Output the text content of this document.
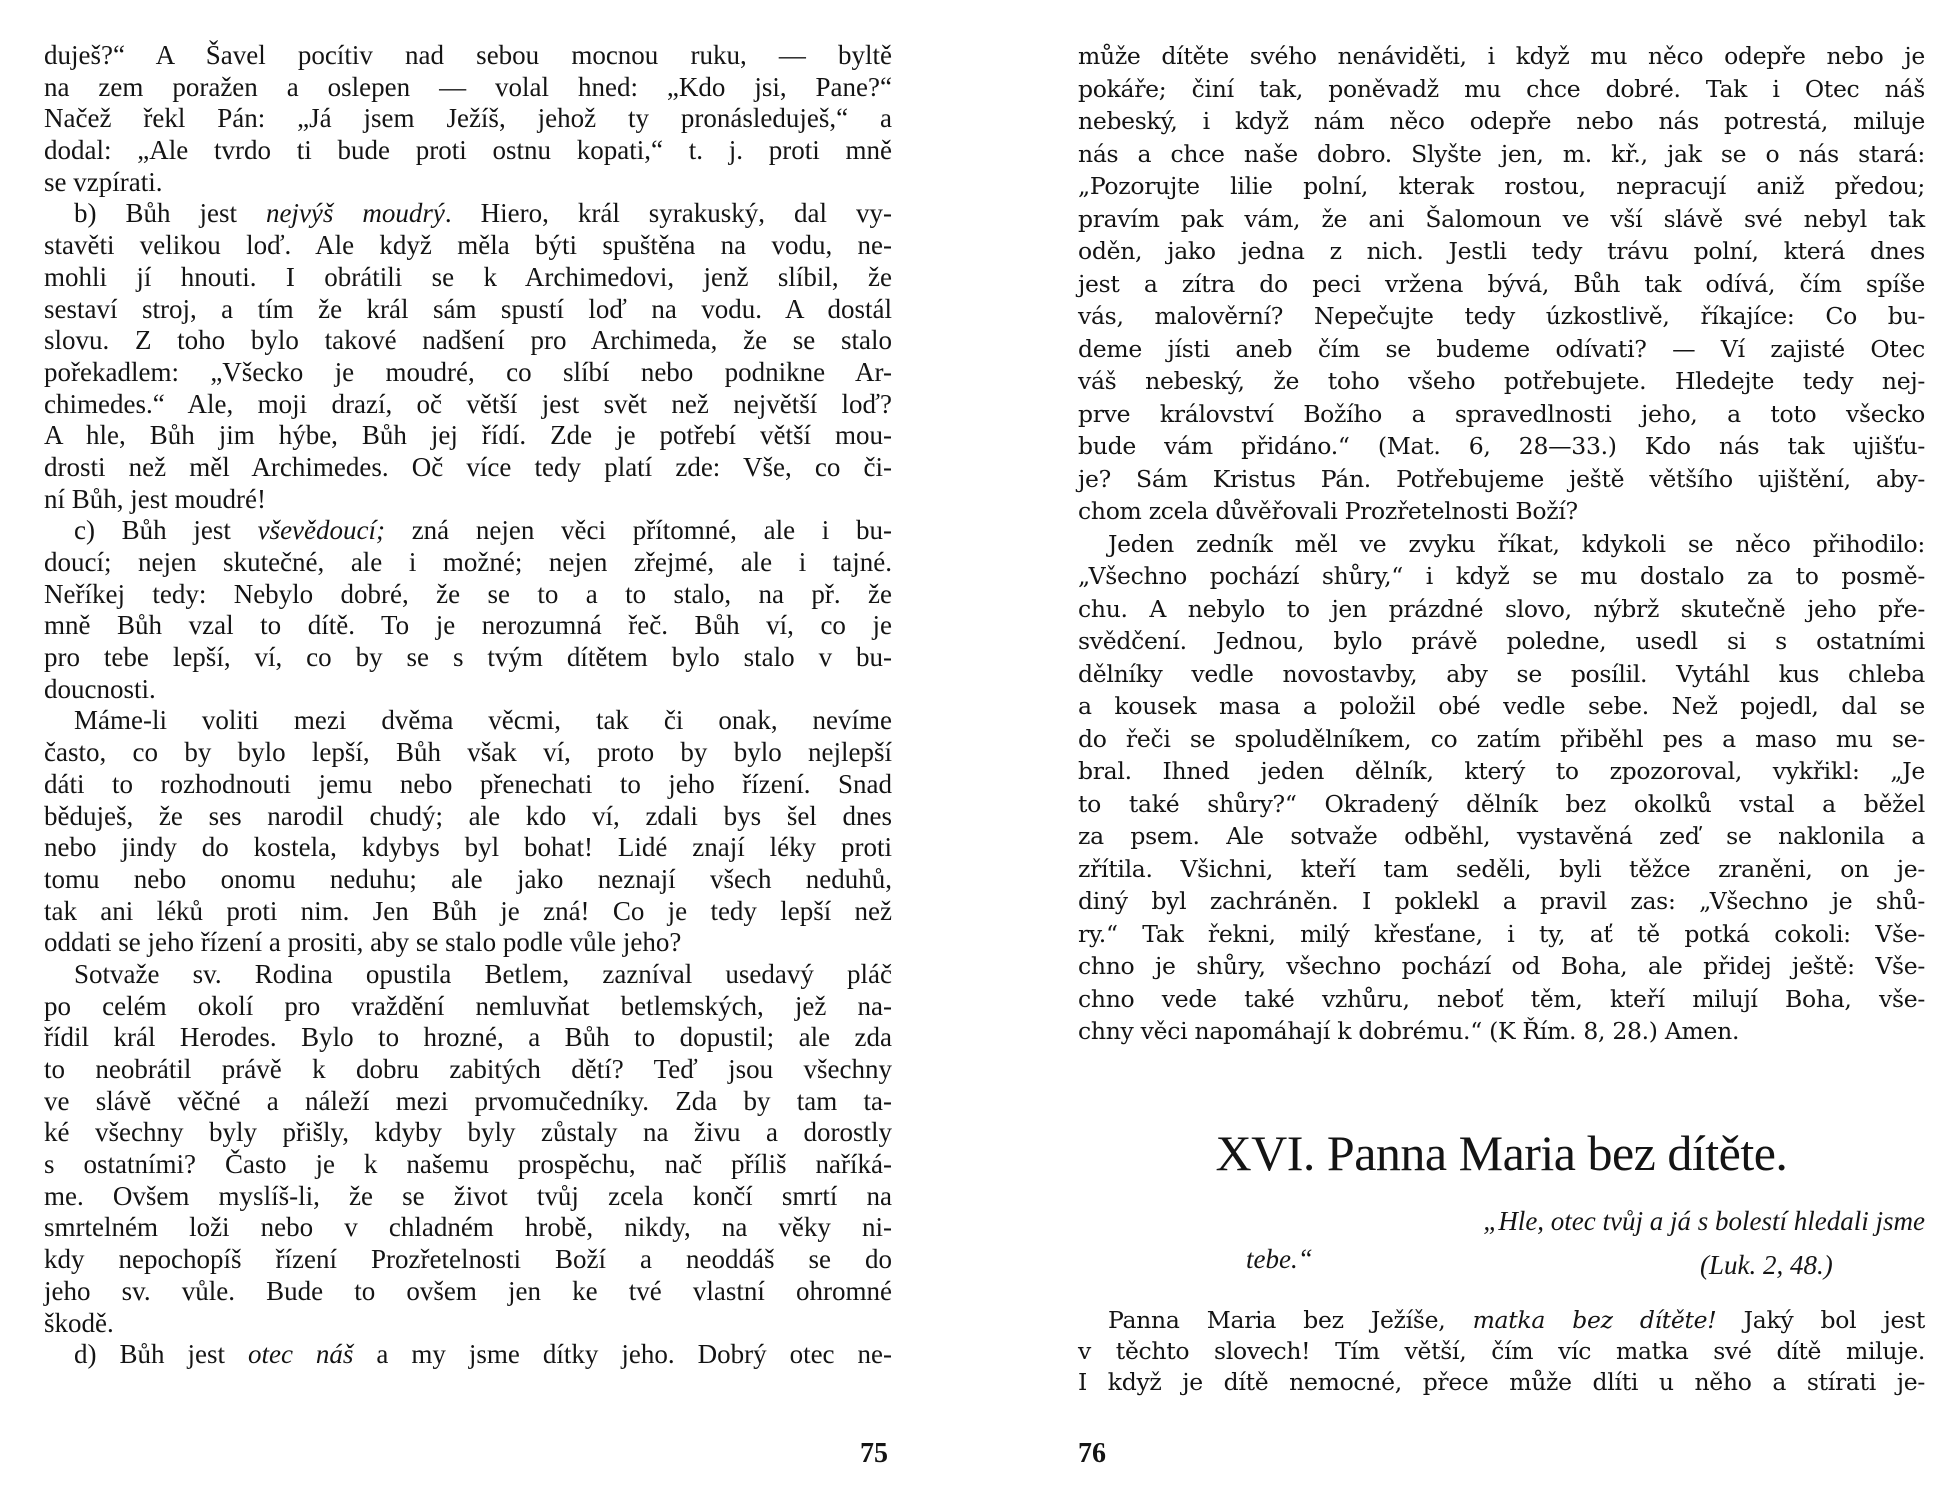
duješ?“ A Šavel pocítiv nad sebou mocnou ruku, — byltě
na zem poražen a oslepen — volal hned: „Kdo jsi, Pane?“
Načež řekl Pán: „Já jsem Ježíš, jehož ty pronásleduješ,“ a
dodal: „Ale tvrdo ti bude proti ostnu kopati,“ t. j. proti mně
se vzpírati.
b) Bůh jest nejvýš moudrý. Hiero, král syrakuský, dal vy-
stavěti velikou loď. Ale když měla býti spuštěna na vodu, ne-
mohli jí hnouti. I obrátili se k Archimedovi, jenž slíbil, že
sestaví stroj, a tím že král sám spustí loď na vodu. A dostál
slovu. Z toho bylo takové nadšení pro Archimeda, že se stalo
pořekadlem: „Všecko je moudré, co slíbí nebo podnikne Ar-
chimedes.“ Ale, moji drazí, oč větší jest svět než největší loď?
A hle, Bůh jim hýbe, Bůh jej řídí. Zde je potřebí větší mou-
drosti než měl Archimedes. Oč více tedy platí zde: Vše, co či-
ní Bůh, jest moudré!
c) Bůh jest vševědoucí; zná nejen věci přítomné, ale i bu-
doucí; nejen skutečné, ale i možné; nejen zřejmé, ale i tajné.
Neříkej tedy: Nebylo dobré, že se to a to stalo, na př. že
mně Bůh vzal to dítě. To je nerozumná řeč. Bůh ví, co je
pro tebe lepší, ví, co by se s tvým dítětem bylo stalo v bu-
doucnosti.
Máme-li voliti mezi dvěma věcmi, tak či onak, nevíme
často, co by bylo lepší, Bůh však ví, proto by bylo nejlepší
dáti to rozhodnouti jemu nebo přenechati to jeho řízení. Snad
běduješ, že ses narodil chudý; ale kdo ví, zdali bys šel dnes
nebo jindy do kostela, kdybys byl bohat! Lidé znají léky proti
tomu nebo onomu neduhu; ale jako neznají všech neduhů,
tak ani léků proti nim. Jen Bůh je zná! Co je tedy lepší než
oddati se jeho řízení a prositi, aby se stalo podle vůle jeho?
Sotvaže sv. Rodina opustila Betlem, zazníval usedavý pláč
po celém okolí pro vraždění nemluvňat betlemských, jež na-
řídil král Herodes. Bylo to hrozné, a Bůh to dopustil; ale zda
to neobrátil právě k dobru zabitých dětí? Teď jsou všechny
ve slávě věčné a náleží mezi prvomučedníky. Zda by tam ta-
ké všechny byly přišly, kdyby byly zůstaly na živu a dorostly
s ostatními? Často je k našemu prospěchu, nač příliš naříká-
me. Ovšem myslíš-li, že se život tvůj zcela končí smrtí na
smrtelném loži nebo v chladném hrobě, nikdy, na věky ni-
kdy nepochopíš řízení Prozřetelnosti Boží a neoddáš se do
jeho sv. vůle. Bude to ovšem jen ke tvé vlastní ohromné
škodě.
d) Bůh jest otec náš a my jsme dítky jeho. Dobrý otec ne-
75
může dítěte svého nenáviděti, i když mu něco odepře nebo je
pokáře; činí tak, poněvadž mu chce dobré. Tak i Otec náš
nebeský, i když nám něco odepře nebo nás potrestá, miluje
nás a chce naše dobro. Slyšte jen, m. kř., jak se o nás stará:
„Pozorujte lilie polní, kterak rostou, nepracují aniž předou;
pravím pak vám, že ani Šalomoun ve vší slávě své nebyl tak
oděn, jako jedna z nich. Jestli tedy trávu polní, která dnes
jest a zítra do peci vržena bývá, Bůh tak odívá, čím spíše
vás, malověrní? Nepečujte tedy úzkostlivě, říkajíce: Co bu-
deme jísti aneb čím se budeme odívati? — Ví zajisté Otec
váš nebeský, že toho všeho potřebujete. Hledejte tedy nej-
prve království Božího a spravedlnosti jeho, a toto všecko
bude vám přidáno.“ (Mat. 6, 28—33.) Kdo nás tak ujišťu-
je? Sám Kristus Pán. Potřebujeme ještě většího ujištění, aby-
chom zcela důvěřovali Prozřetelnosti Boží?
Jeden zedník měl ve zvyku říkat, kdykoli se něco přihodilo:
„Všechno pochází shůry,“ i když se mu dostalo za to posmě-
chu. A nebylo to jen prázdné slovo, nýbrž skutečně jeho pře-
svědčení. Jednou, bylo právě poledne, usedl si s ostatními
dělníky vedle novostavby, aby se posílil. Vytáhl kus chleba
a kousek masa a položil obé vedle sebe. Než pojedl, dal se
do řeči se spoludělníkem, co zatím přiběhl pes a maso mu se-
bral. Ihned jeden dělník, který to zpozoroval, vykřikl: „Je
to také shůry?“ Okradený dělník bez okolků vstal a běžel
za psem. Ale sotvaže odběhl, vystavěná zeď se naklonila a
zřítila. Všichni, kteří tam seděli, byli těžce zraněni, on je-
diný byl zachráněn. I poklekl a pravil zas: „Všechno je shů-
ry.“ Tak řekni, milý křesťane, i ty, ať tě potká cokoli: Vše-
chno je shůry, všechno pochází od Boha, ale přidej ještě: Vše-
chno vede také vzhůru, neboť těm, kteří milují Boha, vše-
chny věci napomáhají k dobrému.“ (K Řím. 8, 28.) Amen.
XVI. Panna Maria bez dítěte.
„Hle, otec tvůj a já s bolestí hledali jsme
tebe.“	(Luk. 2, 48.)
Panna Maria bez Ježíše, matka bez dítěte! Jaký bol jest
v těchto slovech! Tím větší, čím víc matka své dítě miluje.
I když je dítě nemocné, přece může dlíti u něho a stírati je-
76
